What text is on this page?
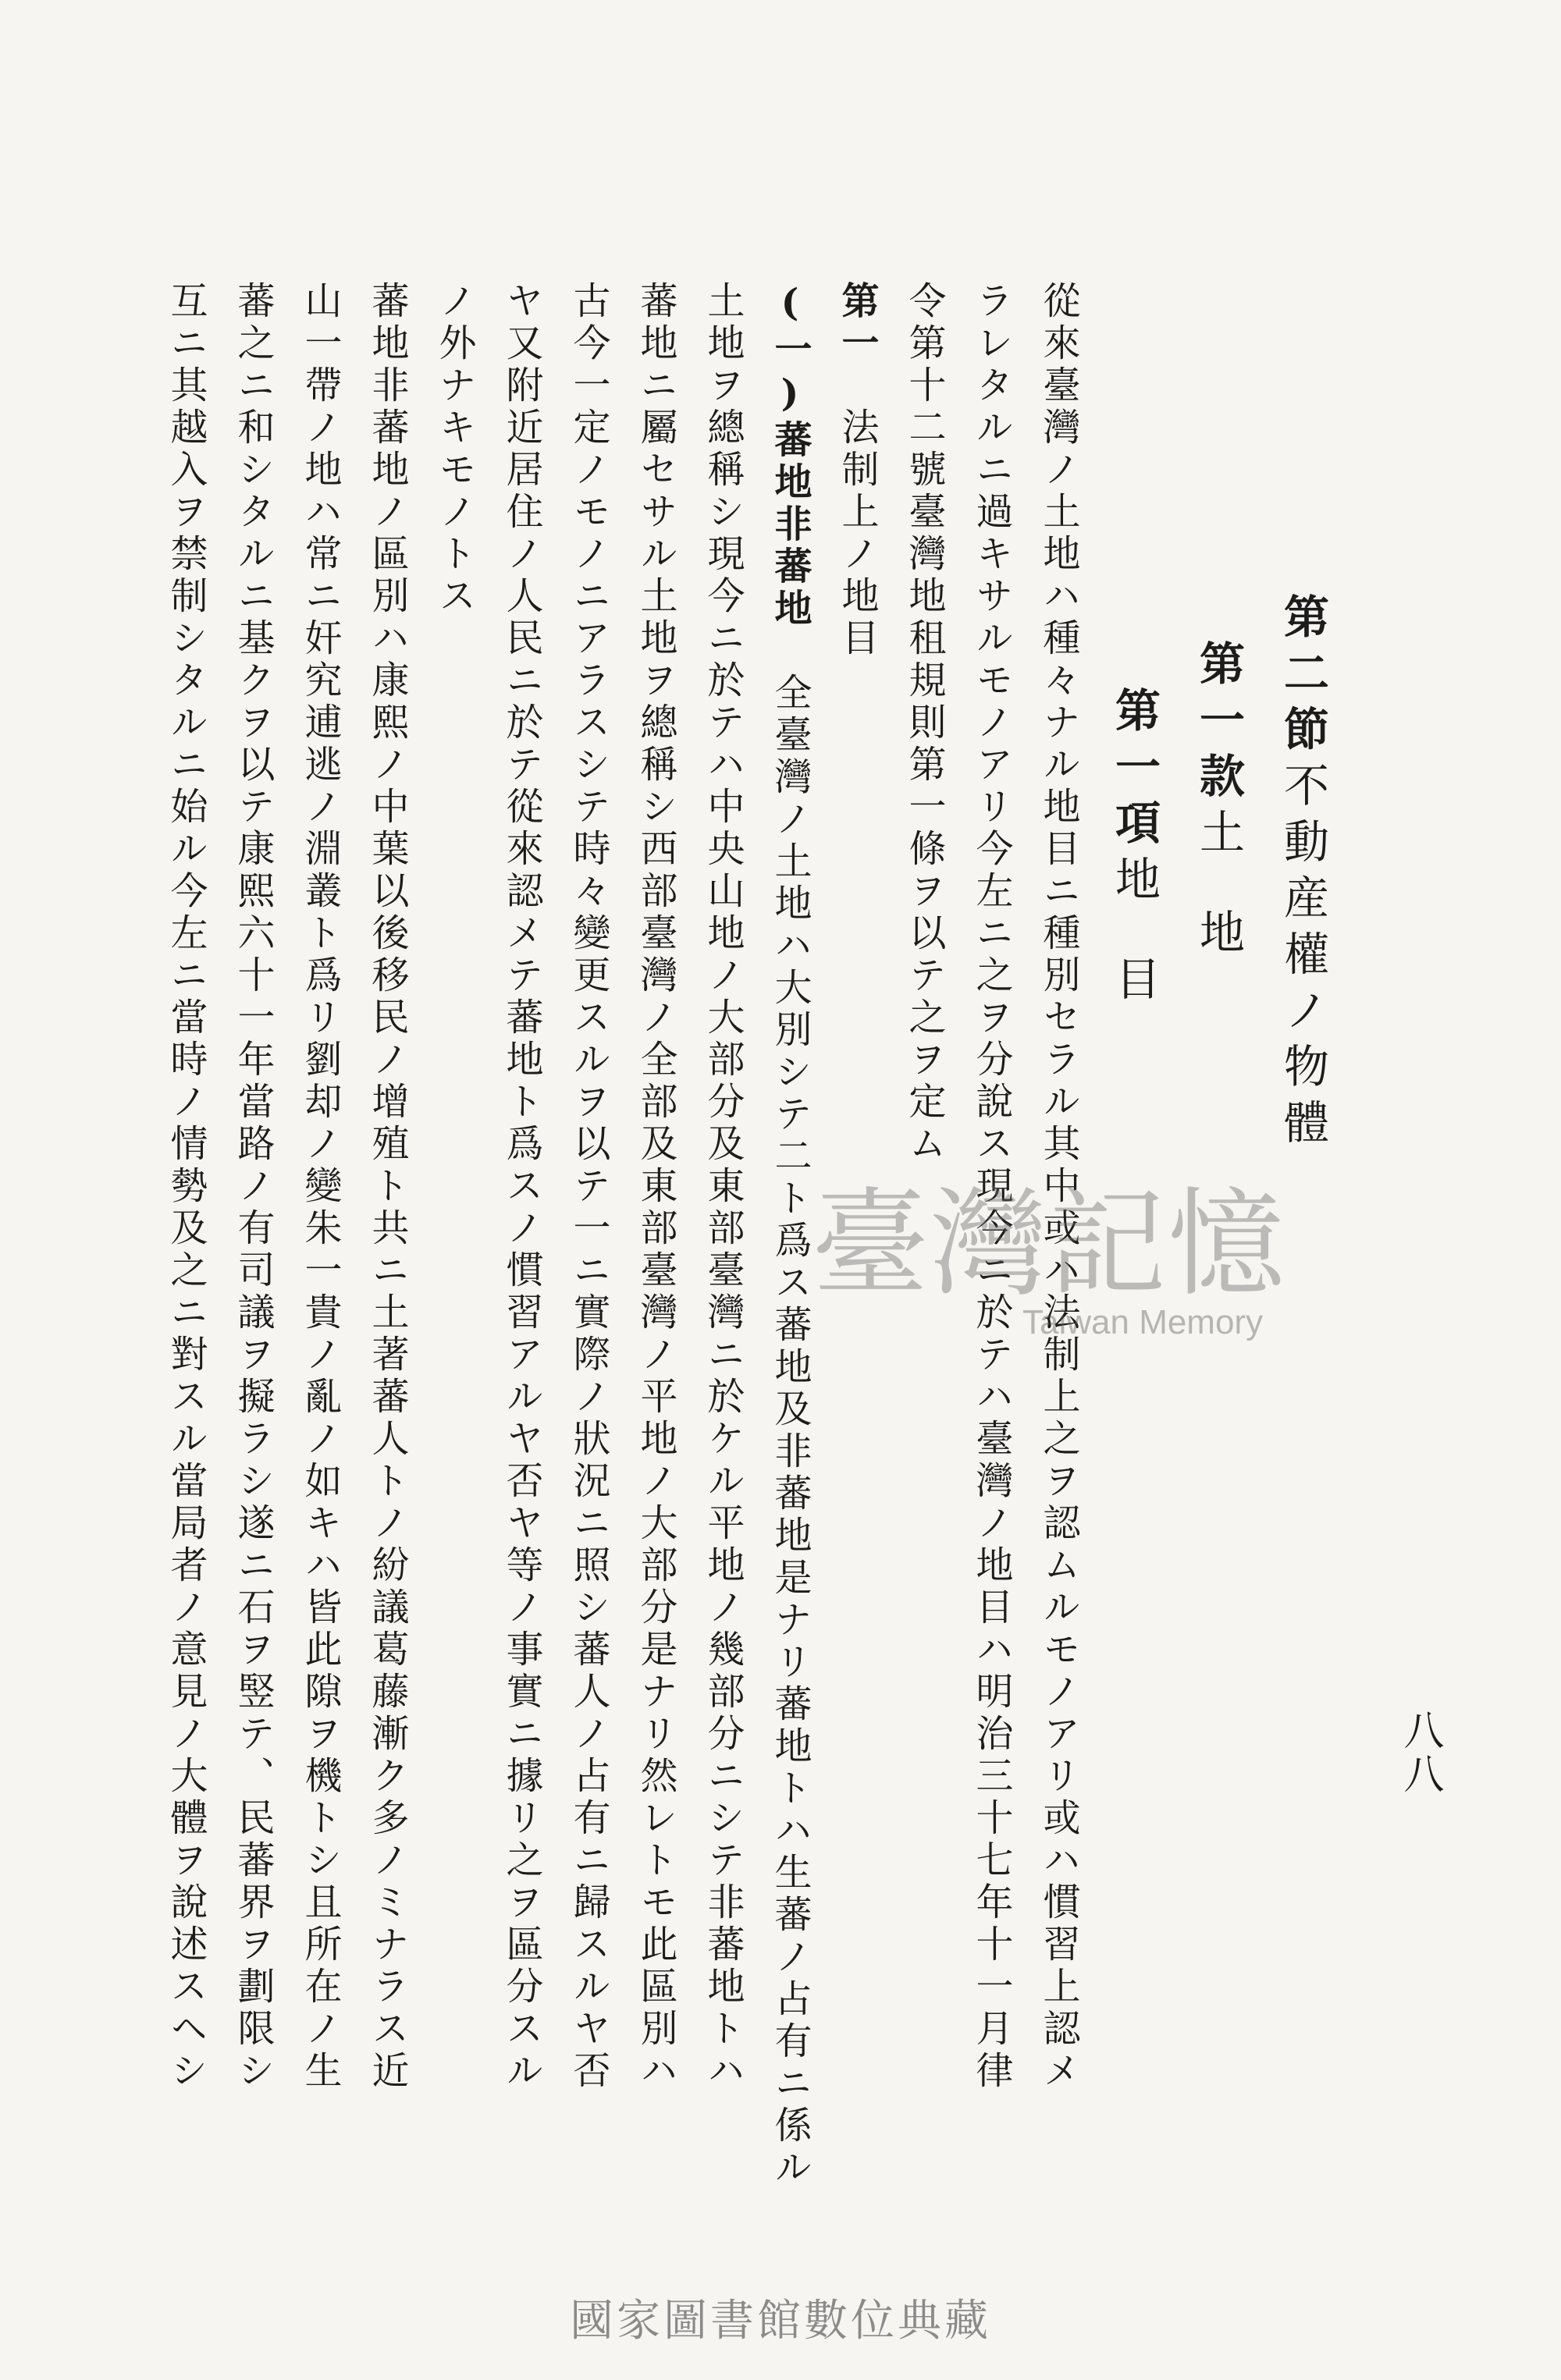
第二節不動産權ノ物體
第一款土地
第一項地目

從來臺灣ノ土地ハ種々ナル地目ニ種別セラル其中或ハ法制上之ヲ認ムルモノアリ或ハ慣習上認メ

ラレタルニ過キサルモノアリ今左ニ之ヲ分說ス現今ニ於テハ臺灣ノ地目ハ明治三十七年十一月律

令第十二號臺灣地租規則第一條ヲ以テ之ヲ定ム

第一　法制上ノ地目

(一)蕃地非蕃地　全臺灣ノ土地ハ大別シテ二ト爲ス蕃地及非蕃地是ナリ蕃地トハ生蕃ノ占有ニ係ル

土地ヲ總稱シ現今ニ於テハ中央山地ノ大部分及東部臺灣ニ於ケル平地ノ幾部分ニシテ非蕃地トハ

蕃地ニ屬セサル土地ヲ總稱シ西部臺灣ノ全部及東部臺灣ノ平地ノ大部分是ナリ然レトモ此區別ハ

古今一定ノモノニアラスシテ時々變更スルヲ以テ一ニ實際ノ狀況ニ照シ蕃人ノ占有ニ歸スルヤ否

ヤ又附近居住ノ人民ニ於テ從來認メテ蕃地ト爲スノ慣習アルヤ否ヤ等ノ事實ニ據リ之ヲ區分スル

ノ外ナキモノトス

蕃地非蕃地ノ區別ハ康熙ノ中葉以後移民ノ增殖ト共ニ土著蕃人トノ紛議葛藤漸ク多ノミナラス近

山一帶ノ地ハ常ニ奸究逋逃ノ淵叢ト爲リ劉却ノ變朱一貴ノ亂ノ如キハ皆此隙ヲ機トシ且所在ノ生

蕃之ニ和シタルニ基クヲ以テ康熙六十一年當路ノ有司議ヲ擬ラシ遂ニ石ヲ竪テ、民蕃界ヲ劃限シ

互ニ其越入ヲ禁制シタルニ始ル今左ニ當時ノ情勢及之ニ對スル當局者ノ意見ノ大體ヲ說述スヘシ	八八
臺灣記憶
Taiwan Memory
國家圖書館數位典藏
